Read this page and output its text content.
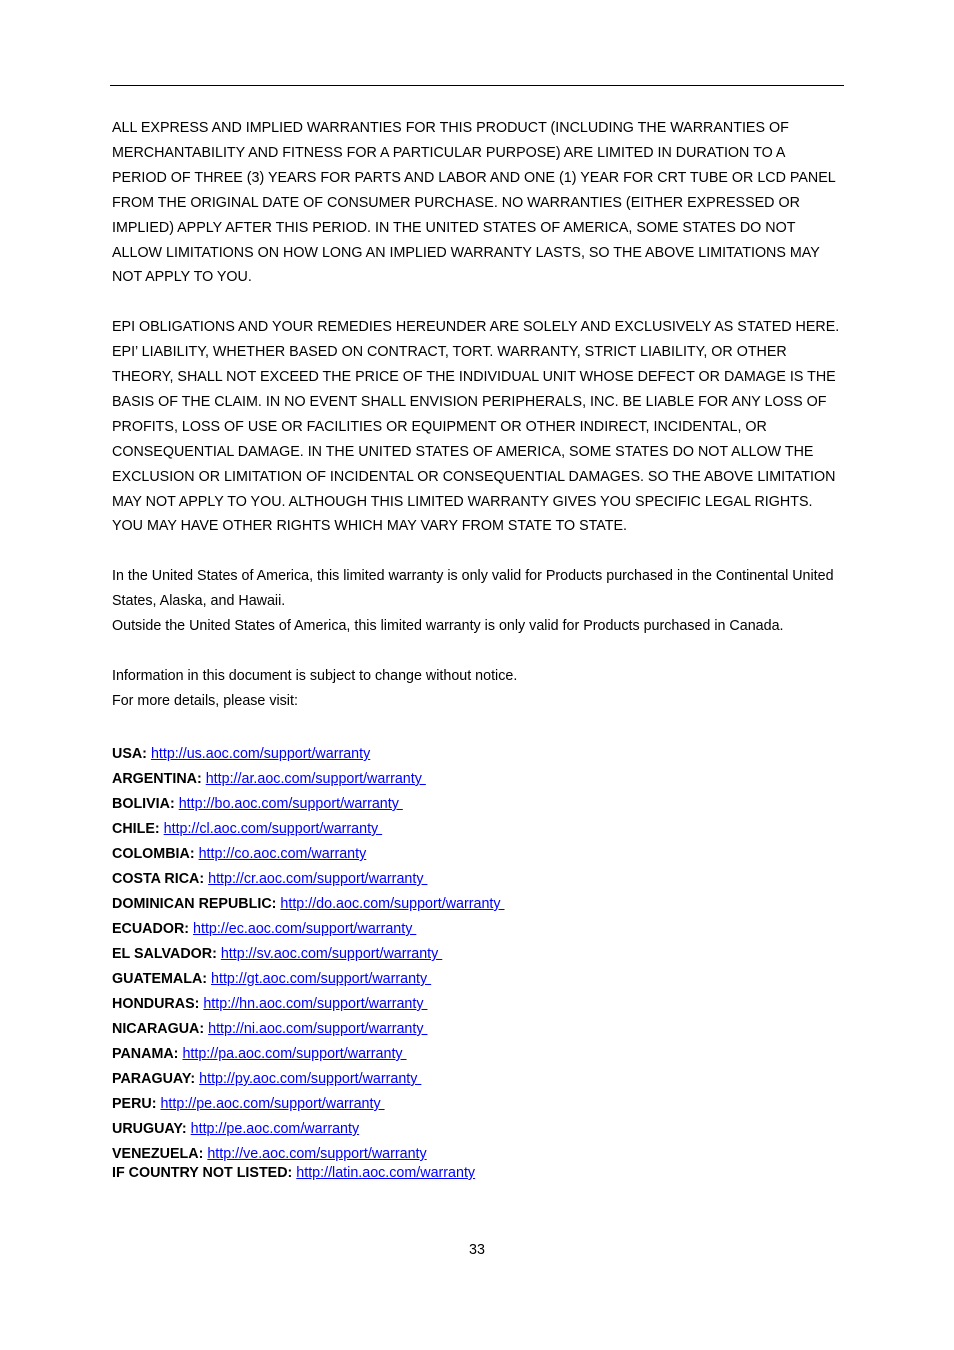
ALL EXPRESS AND IMPLIED WARRANTIES FOR THIS PRODUCT (INCLUDING THE WARRANTIES OF
MERCHANTABILITY AND FITNESS FOR A PARTICULAR PURPOSE) ARE LIMITED IN DURATION TO A
PERIOD OF THREE (3) YEARS FOR PARTS AND LABOR AND ONE (1) YEAR FOR CRT TUBE OR LCD PANEL
FROM THE ORIGINAL DATE OF CONSUMER PURCHASE. NO WARRANTIES (EITHER EXPRESSED OR
IMPLIED) APPLY AFTER THIS PERIOD. IN THE UNITED STATES OF AMERICA, SOME STATES DO NOT
ALLOW LIMITATIONS ON HOW LONG AN IMPLIED WARRANTY LASTS, SO THE ABOVE LIMITATIONS MAY
NOT APPLY TO YOU.

EPI OBLIGATIONS AND YOUR REMEDIES HEREUNDER ARE SOLELY AND EXCLUSIVELY AS STATED HERE.
EPI’ LIABILITY, WHETHER BASED ON CONTRACT, TORT. WARRANTY, STRICT LIABILITY, OR OTHER
THEORY, SHALL NOT EXCEED THE PRICE OF THE INDIVIDUAL UNIT WHOSE DEFECT OR DAMAGE IS THE
BASIS OF THE CLAIM. IN NO EVENT SHALL ENVISION PERIPHERALS, INC. BE LIABLE FOR ANY LOSS OF
PROFITS, LOSS OF USE OR FACILITIES OR EQUIPMENT OR OTHER INDIRECT, INCIDENTAL, OR
CONSEQUENTIAL DAMAGE. IN THE UNITED STATES OF AMERICA, SOME STATES DO NOT ALLOW THE
EXCLUSION OR LIMITATION OF INCIDENTAL OR CONSEQUENTIAL DAMAGES. SO THE ABOVE LIMITATION
MAY NOT APPLY TO YOU. ALTHOUGH THIS LIMITED WARRANTY GIVES YOU SPECIFIC LEGAL RIGHTS.
YOU MAY HAVE OTHER RIGHTS WHICH MAY VARY FROM STATE TO STATE.

In the United States of America, this limited warranty is only valid for Products purchased in the Continental United
States, Alaska, and Hawaii.
Outside the United States of America, this limited warranty is only valid for Products purchased in Canada.

Information in this document is subject to change without notice.
For more details, please visit:

USA: http://us.aoc.com/support/warranty
ARGENTINA: http://ar.aoc.com/support/warranty
BOLIVIA: http://bo.aoc.com/support/warranty
CHILE: http://cl.aoc.com/support/warranty
COLOMBIA: http://co.aoc.com/warranty
COSTA RICA: http://cr.aoc.com/support/warranty
DOMINICAN REPUBLIC: http://do.aoc.com/support/warranty
ECUADOR: http://ec.aoc.com/support/warranty
EL SALVADOR: http://sv.aoc.com/support/warranty
GUATEMALA: http://gt.aoc.com/support/warranty
HONDURAS: http://hn.aoc.com/support/warranty
NICARAGUA: http://ni.aoc.com/support/warranty
PANAMA: http://pa.aoc.com/support/warranty
PARAGUAY: http://py.aoc.com/support/warranty
PERU: http://pe.aoc.com/support/warranty
URUGUAY: http://pe.aoc.com/warranty
VENEZUELA: http://ve.aoc.com/support/warranty
IF COUNTRY NOT LISTED: http://latin.aoc.com/warranty
33
